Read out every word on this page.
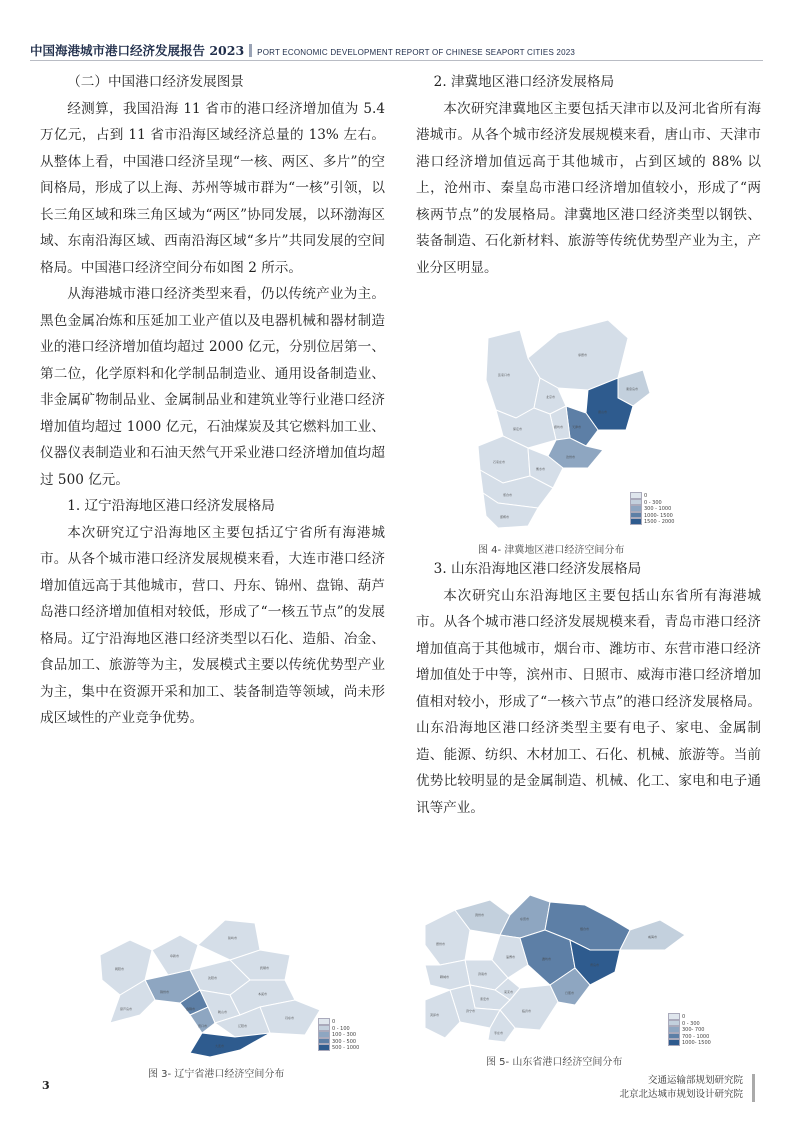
中国海港城市港口经济发展报告 2023 PORT ECONOMIC DEVELOPMENT REPORT OF CHINESE SEAPORT CITIES 2023

（二）中国港口经济发展图景

经测算，我国沿海 11 省市的港口经济增加值为 5.4 万亿元，占到 11 省市沿海区域经济总量的 13% 左右。从整体上看，中国港口经济呈现“一核、两区、多片”的空间格局，形成了以上海、苏州等城市群为“一核”引领，以长三角区域和珠三角区域为“两区”协同发展，以环渤海区域、东南沿海区域、西南沿海区域“多片”共同发展的空间格局。中国港口经济空间分布如图 2 所示。

从海港城市港口经济类型来看，仍以传统产业为主。黑色金属冶炼和压延加工业产值以及电器机械和器材制造业的港口经济增加值均超过 2000 亿元，分别位居第一、第二位，化学原料和化学制品制造业、通用设备制造业、非金属矿物制品业、金属制品业和建筑业等行业港口经济增加值均超过 1000 亿元，石油煤炭及其它燃料加工业、仪器仪表制造业和石油天然气开采业港口经济增加值均超过 500 亿元。

1. 辽宁沿海地区港口经济发展格局

本次研究辽宁沿海地区主要包括辽宁省所有海港城市。从各个城市港口经济发展规模来看，大连市港口经济增加值远高于其他城市，营口、丹东、锦州、盘锦、葫芦岛港口经济增加值相对较低，形成了“一核五节点”的发展格局。辽宁沿海地区港口经济类型以石化、造船、冶金、食品加工、旅游等为主，发展模式主要以传统优势型产业为主，集中在资源开采和加工、装备制造等领域，尚未形成区域性的产业竞争优势。

2. 津冀地区港口经济发展格局

本次研究津冀地区主要包括天津市以及河北省所有海港城市。从各个城市经济发展规模来看，唐山市、天津市港口经济增加值远高于其他城市，占到区域的 88% 以上，沧州市、秦皇岛市港口经济增加值较小，形成了“两核两节点”的发展格局。津冀地区港口经济类型以钢铁、装备制造、石化新材料、旅游等传统优势型产业为主，产业分区明显。

张家口市
承德市
北京市
唐山市
秦皇岛市
天津市
廊坊市
保定市
沧州市
石家庄市
衡水市
邢台市
邯郸市
0
0 - 300
300 - 1000
1000- 1500
1500 - 2000
图 4- 津冀地区港口经济空间分布

3. 山东沿海地区港口经济发展格局

本次研究山东沿海地区主要包括山东省所有海港城市。从各个城市港口经济发展规模来看，青岛市港口经济增加值高于其他城市，烟台市、潍坊市、东营市港口经济增加值处于中等，滨州市、日照市、威海市港口经济增加值相对较小，形成了“一核六节点”的港口经济发展格局。山东沿海地区港口经济类型主要有电子、家电、金属制造、能源、纺织、木材加工、石化、机械、旅游等。当前优势比较明显的是金属制造、机械、化工、家电和电子通讯等产业。

朝阳市
锦州市
阜新市
沈阳市
抚顺市
本溪市
丹东市
辽阳市
鞍山市
营口市
盘锦市
葫芦岛市
大连市
铁岭市
0
0 - 100
100 - 300
300 - 500
500 - 1000
图 3- 辽宁省港口经济空间分布
滨州市
东营市
烟台市
威海市
潍坊市
青岛市
日照市
淄博市
德州市
济南市
聊城市
泰安市
莱芜市
临沂市
济宁市
枣庄市
菏泽市	0
0 - 300
300- 700
700 - 1000
1000- 1500
图 5- 山东省港口经济空间分布
3	交通运输部规划研究院
北京北达城市规划设计研究院
